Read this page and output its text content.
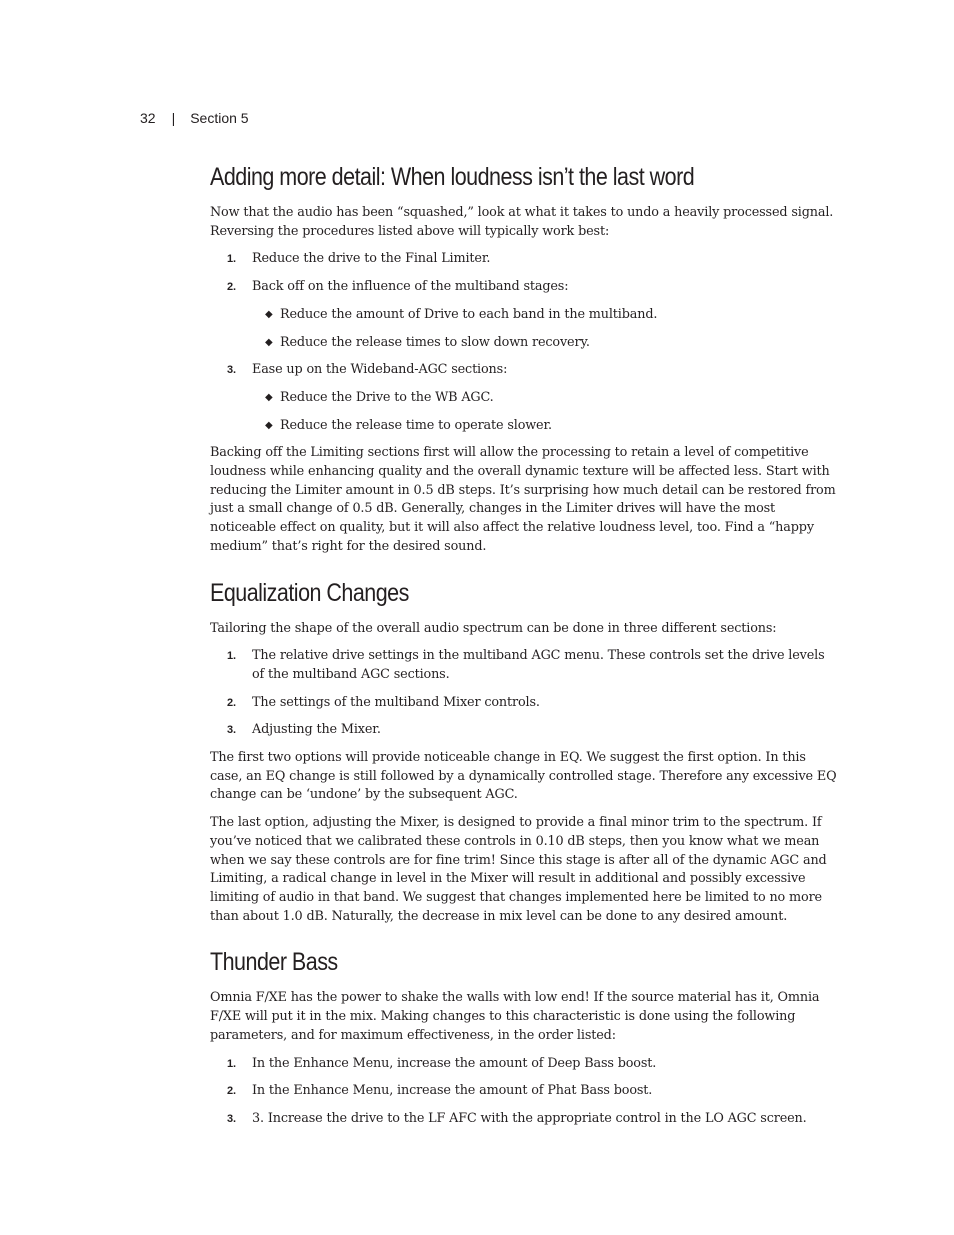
32 | Section 5
Adding more detail: When loudness isn’t the last word

Now that the audio has been “squashed,” look at what it takes to undo a heavily processed signal. Reversing the procedures listed above will typically work best:

1. Reduce the drive to the Final Limiter.
2. Back off on the influence of the multiband stages:
◆ Reduce the amount of Drive to each band in the multiband.
◆ Reduce the release times to slow down recovery.
3. Ease up on the Wideband-AGC sections:
◆ Reduce the Drive to the WB AGC.
◆ Reduce the release time to operate slower.

Backing off the Limiting sections first will allow the processing to retain a level of competitive loudness while enhancing quality and the overall dynamic texture will be affected less. Start with reducing the Limiter amount in 0.5 dB steps. It’s surprising how much detail can be restored from just a small change of 0.5 dB. Generally, changes in the Limiter drives will have the most noticeable effect on quality, but it will also affect the relative loudness level, too. Find a “happy medium” that’s right for the desired sound.

Equalization Changes

Tailoring the shape of the overall audio spectrum can be done in three different sections:

1. The relative drive settings in the multiband AGC menu. These controls set the drive levels of the multiband AGC sections.
2. The settings of the multiband Mixer controls.
3. Adjusting the Mixer.

The first two options will provide noticeable change in EQ. We suggest the first option. In this case, an EQ change is still followed by a dynamically controlled stage. Therefore any excessive EQ change can be ‘undone’ by the subsequent AGC.

The last option, adjusting the Mixer, is designed to provide a final minor trim to the spectrum. If you’ve noticed that we calibrated these controls in 0.10 dB steps, then you know what we mean when we say these controls are for fine trim! Since this stage is after all of the dynamic AGC and Limiting, a radical change in level in the Mixer will result in additional and possibly excessive limiting of audio in that band. We suggest that changes implemented here be limited to no more than about 1.0 dB. Naturally, the decrease in mix level can be done to any desired amount.

Thunder Bass

Omnia F/XE has the power to shake the walls with low end! If the source material has it, Omnia F/XE will put it in the mix. Making changes to this characteristic is done using the following parameters, and for maximum effectiveness, in the order listed:

1. In the Enhance Menu, increase the amount of Deep Bass boost.
2. In the Enhance Menu, increase the amount of Phat Bass boost.
3. 3. Increase the drive to the LF AFC with the appropriate control in the LO AGC screen.
